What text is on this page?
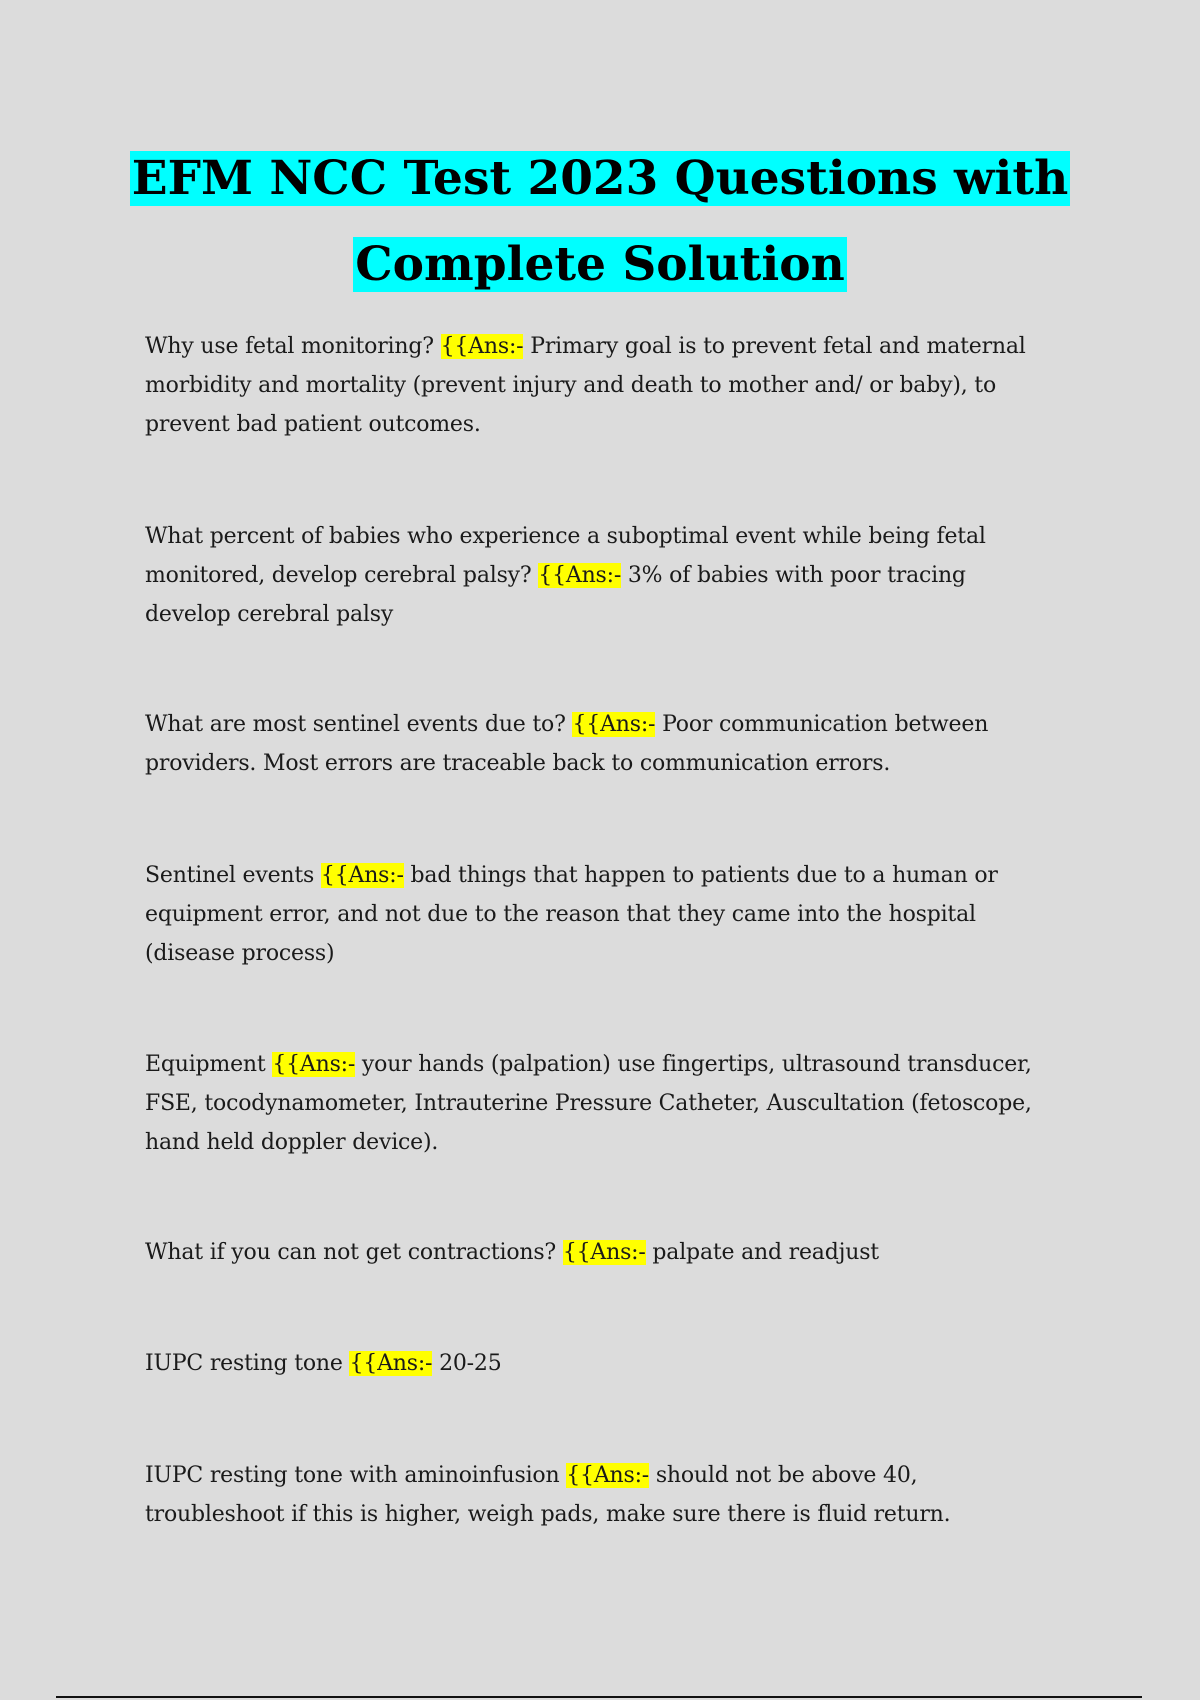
EFM NCC Test 2023 Questions with
Complete Solution

Why use fetal monitoring? {{Ans:- Primary goal is to prevent fetal and maternal morbidity and mortality (prevent injury and death to mother and/ or baby), to prevent bad patient outcomes.

What percent of babies who experience a suboptimal event while being fetal monitored, develop cerebral palsy? {{Ans:- 3% of babies with poor tracing develop cerebral palsy

What are most sentinel events due to? {{Ans:- Poor communication between providers. Most errors are traceable back to communication errors.

Sentinel events {{Ans:- bad things that happen to patients due to a human or equipment error, and not due to the reason that they came into the hospital (disease process)

Equipment {{Ans:- your hands (palpation) use fingertips, ultrasound transducer, FSE, tocodynamometer, Intrauterine Pressure Catheter, Auscultation (fetoscope, hand held doppler device).

What if you can not get contractions? {{Ans:- palpate and readjust

IUPC resting tone {{Ans:- 20-25

IUPC resting tone with aminoinfusion {{Ans:- should not be above 40, troubleshoot if this is higher, weigh pads, make sure there is fluid return.
